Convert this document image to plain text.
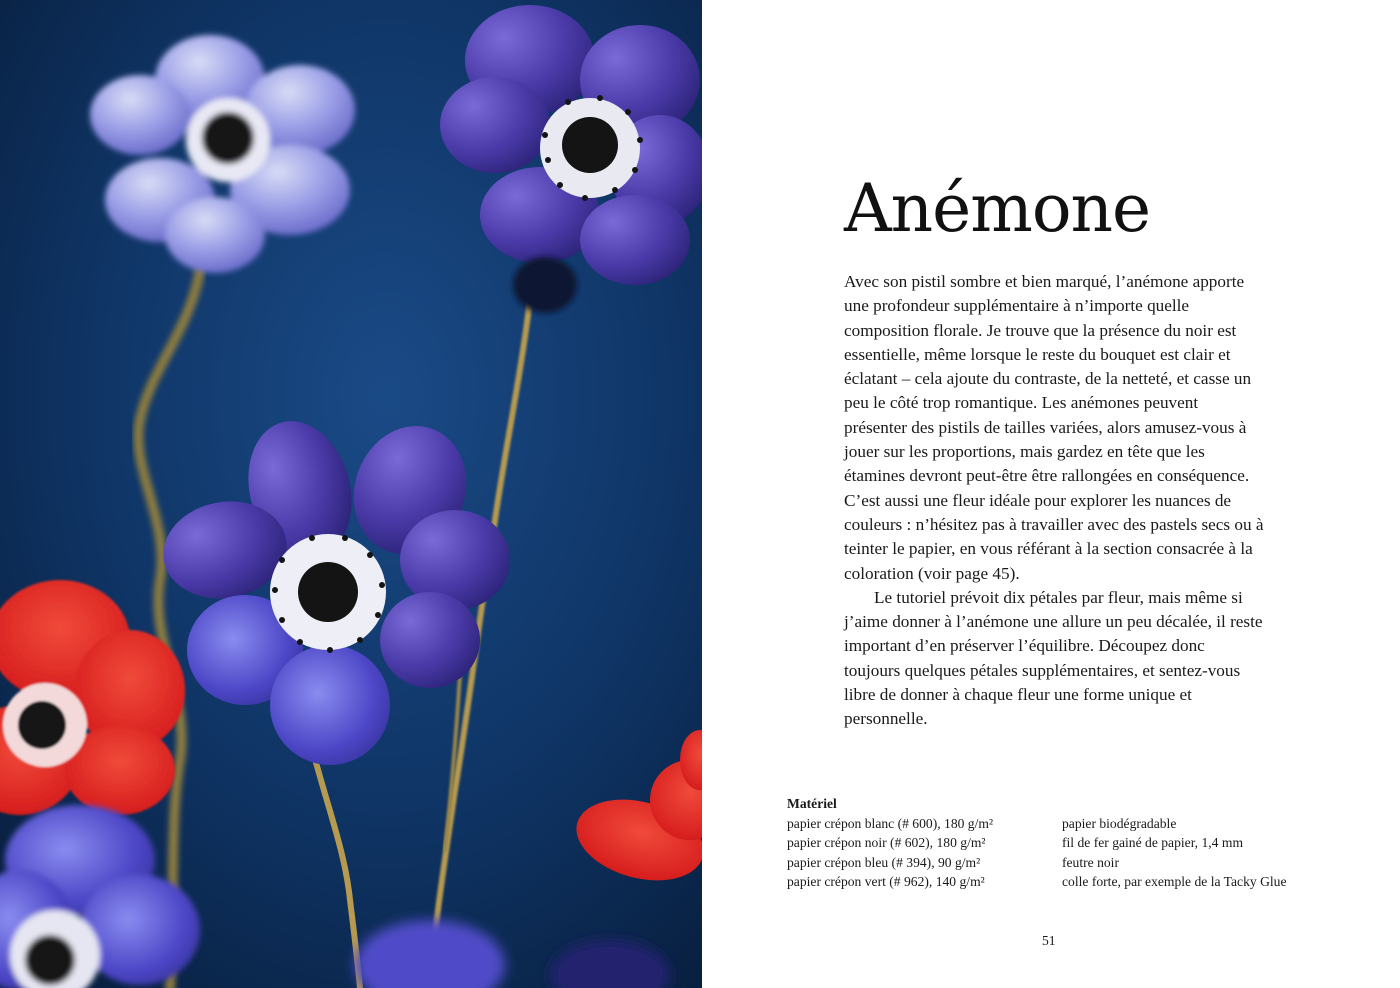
Anémone

Avec son pistil sombre et bien marqué, l’anémone apporte une profondeur supplémentaire à n’importe quelle composition florale. Je trouve que la présence du noir est essentielle, même lorsque le reste du bouquet est clair et éclatant – cela ajoute du contraste, de la netteté, et casse un peu le côté trop romantique. Les anémones peuvent présenter des pistils de tailles variées, alors amusez-vous à jouer sur les proportions, mais gardez en tête que les étamines devront peut-être être rallongées en conséquence. C’est aussi une fleur idéale pour explorer les nuances de couleurs : n’hésitez pas à travailler avec des pastels secs ou à teinter le papier, en vous référant à la section consacrée à la coloration (voir page 45).

Le tutoriel prévoit dix pétales par fleur, mais même si j’aime donner à l’anémone une allure un peu décalée, il reste important d’en préserver l’équilibre. Découpez donc toujours quelques pétales supplémentaires, et sentez-vous libre de donner à chaque fleur une forme unique et personnelle.

Matériel

papier crépon blanc (# 600), 180 g/m²
papier crépon noir (# 602), 180 g/m²
papier crépon bleu (# 394), 90 g/m²
papier crépon vert (# 962), 140 g/m²
papier biodégradable
fil de fer gainé de papier, 1,4 mm
feutre noir
colle forte, par exemple de la Tacky Glue
51
